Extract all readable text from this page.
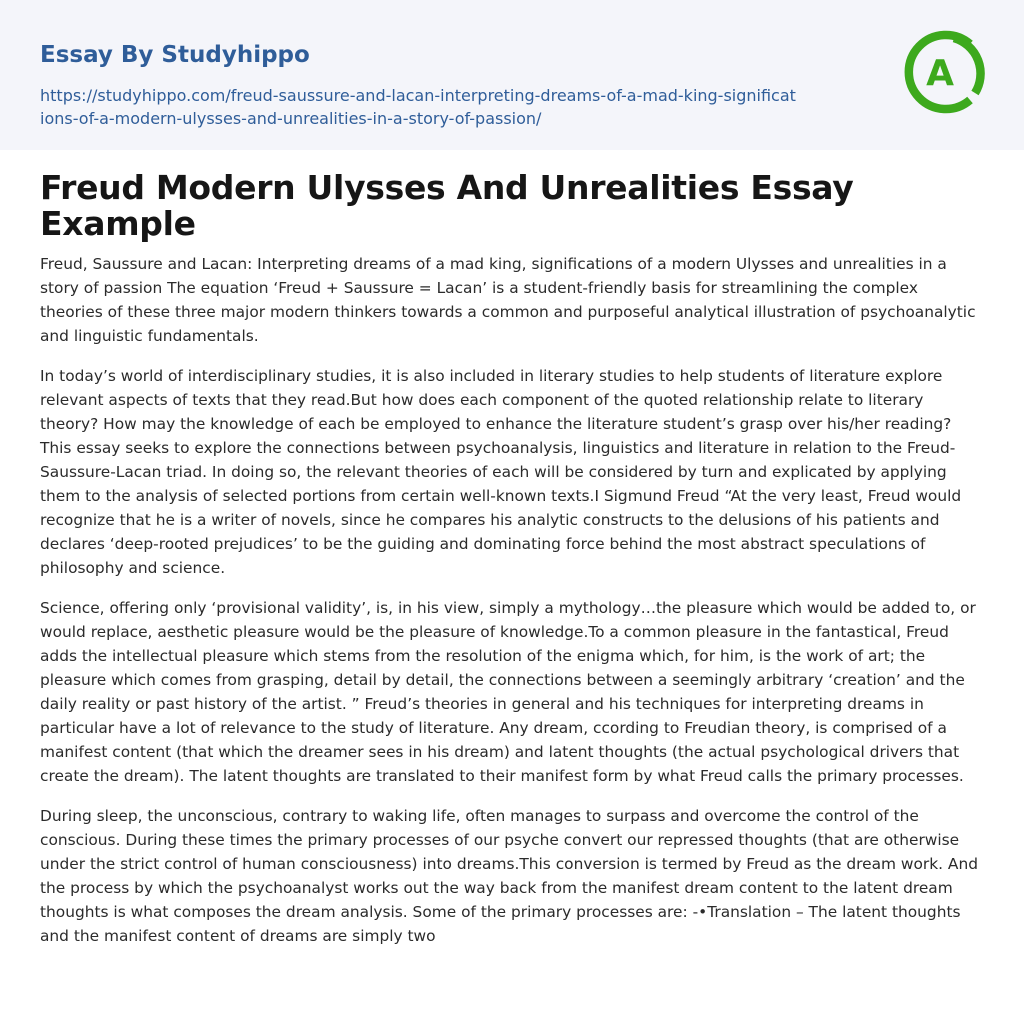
Essay By Studyhippo
https://studyhippo.com/freud-saussure-and-lacan-interpreting-dreams-of-a-mad-king-significations-of-a-modern-ulysses-and-unrealities-in-a-story-of-passion/
A
Freud Modern Ulysses And Unrealities Essay Example

Freud, Saussure and Lacan: Interpreting dreams of a mad king, significations of a modern Ulysses and unrealities in a story of passion The equation ‘Freud + Saussure = Lacan’ is a student-friendly basis for streamlining the complex theories of these three major modern thinkers towards a common and purposeful analytical illustration of psychoanalytic and linguistic fundamentals.

In today’s world of interdisciplinary studies, it is also included in literary studies to help students of literature explore relevant aspects of texts that they read.But how does each component of the quoted relationship relate to literary theory? How may the knowledge of each be employed to enhance the literature student’s grasp over his/her reading? This essay seeks to explore the connections between psychoanalysis, linguistics and literature in relation to the Freud-Saussure-Lacan triad. In doing so, the relevant theories of each will be considered by turn and explicated by applying them to the analysis of selected portions from certain well-known texts.I Sigmund Freud “At the very least, Freud would recognize that he is a writer of novels, since he compares his analytic constructs to the delusions of his patients and declares ‘deep-rooted prejudices’ to be the guiding and dominating force behind the most abstract speculations of philosophy and science.

Science, offering only ‘provisional validity’, is, in his view, simply a mythology…the pleasure which would be added to, or would replace, aesthetic pleasure would be the pleasure of knowledge.To a common pleasure in the fantastical, Freud adds the intellectual pleasure which stems from the resolution of the enigma which, for him, is the work of art; the pleasure which comes from grasping, detail by detail, the connections between a seemingly arbitrary ‘creation’ and the daily reality or past history of the artist. ” Freud’s theories in general and his techniques for interpreting dreams in particular have a lot of relevance to the study of literature. Any dream, ccording to Freudian theory, is comprised of a manifest content (that which the dreamer sees in his dream) and latent thoughts (the actual psychological drivers that create the dream). The latent thoughts are translated to their manifest form by what Freud calls the primary processes.

During sleep, the unconscious, contrary to waking life, often manages to surpass and overcome the control of the conscious. During these times the primary processes of our psyche convert our repressed thoughts (that are otherwise under the strict control of human consciousness) into dreams.This conversion is termed by Freud as the dream work. And the process by which the psychoanalyst works out the way back from the manifest dream content to the latent dream thoughts is what composes the dream analysis. Some of the primary processes are: -•Translation – The latent thoughts and the manifest content of dreams are simply two
